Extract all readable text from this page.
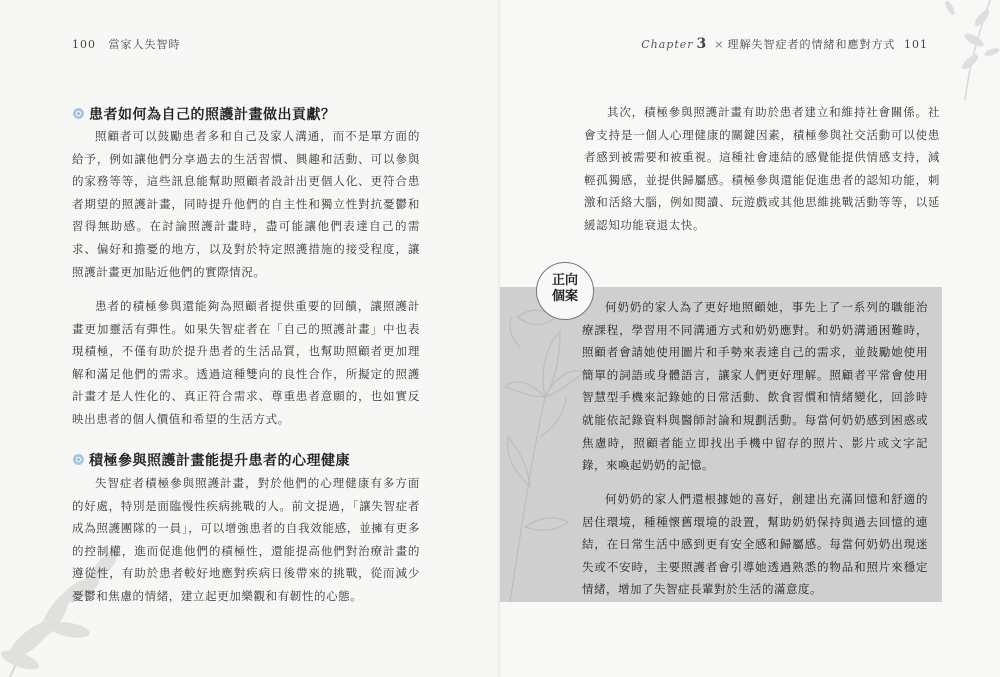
100 當家人失智時
患者如何為自己的照護計畫做出貢獻？
照顧者可以鼓勵患者多和自己及家人溝通，而不是單方面的給予，例如讓他們分享過去的生活習慣、興趣和活動、可以參與的家務等等，這些訊息能幫助照顧者設計出更個人化、更符合患者期望的照護計畫，同時提升他們的自主性和獨立性對抗憂鬱和習得無助感。在討論照護計畫時，盡可能讓他們表達自己的需求、偏好和擔憂的地方，以及對於特定照護措施的接受程度，讓照護計畫更加貼近他們的實際情況。
患者的積極參與還能夠為照顧者提供重要的回饋，讓照護計畫更加靈活有彈性。如果失智症者在「自己的照護計畫」中也表現積極，不僅有助於提升患者的生活品質，也幫助照顧者更加理解和滿足他們的需求。透過這種雙向的良性合作，所擬定的照護計畫才是人性化的、真正符合需求、尊重患者意願的，也如實反映出患者的個人價值和希望的生活方式。
積極參與照護計畫能提升患者的心理健康
失智症者積極參與照護計畫，對於他們的心理健康有多方面的好處，特別是面臨慢性疾病挑戰的人。前文提過，「讓失智症者成為照護團隊的一員」，可以增強患者的自我效能感，並擁有更多的控制權，進而促進他們的積極性，還能提高他們對治療計畫的遵從性，有助於患者較好地應對疾病日後帶來的挑戰，從而減少憂鬱和焦慮的情緒，建立起更加樂觀和有韌性的心態。
Chapter 3 × 理解失智症者的情緒和應對方式 101
其次，積極參與照護計畫有助於患者建立和維持社會關係。社會支持是一個人心理健康的關鍵因素，積極參與社交活動可以使患者感到被需要和被重視。這種社會連結的感覺能提供情感支持，減輕孤獨感，並提供歸屬感。積極參與還能促進患者的認知功能，刺激和活絡大腦，例如閱讀、玩遊戲或其他思維挑戰活動等等，以延緩認知功能衰退太快。
正向
個案
何奶奶的家人為了更好地照顧她，事先上了一系列的職能治療課程，學習用不同溝通方式和奶奶應對。和奶奶溝通困難時，照顧者會請她使用圖片和手勢來表達自己的需求，並鼓勵她使用簡單的詞語或身體語言，讓家人們更好理解。照顧者平常會使用智慧型手機來記錄她的日常活動、飲食習慣和情緒變化，回診時就能依記錄資料與醫師討論和規劃活動。每當何奶奶感到困惑或焦慮時，照顧者能立即找出手機中留存的照片、影片或文字記錄，來喚起奶奶的記憶。
何奶奶的家人們還根據她的喜好，創建出充滿回憶和舒適的居住環境，種種懷舊環境的設置，幫助奶奶保持與過去回憶的連結，在日常生活中感到更有安全感和歸屬感。每當何奶奶出現迷失或不安時，主要照護者會引導她透過熟悉的物品和照片來穩定情緒，增加了失智症長輩對於生活的滿意度。
